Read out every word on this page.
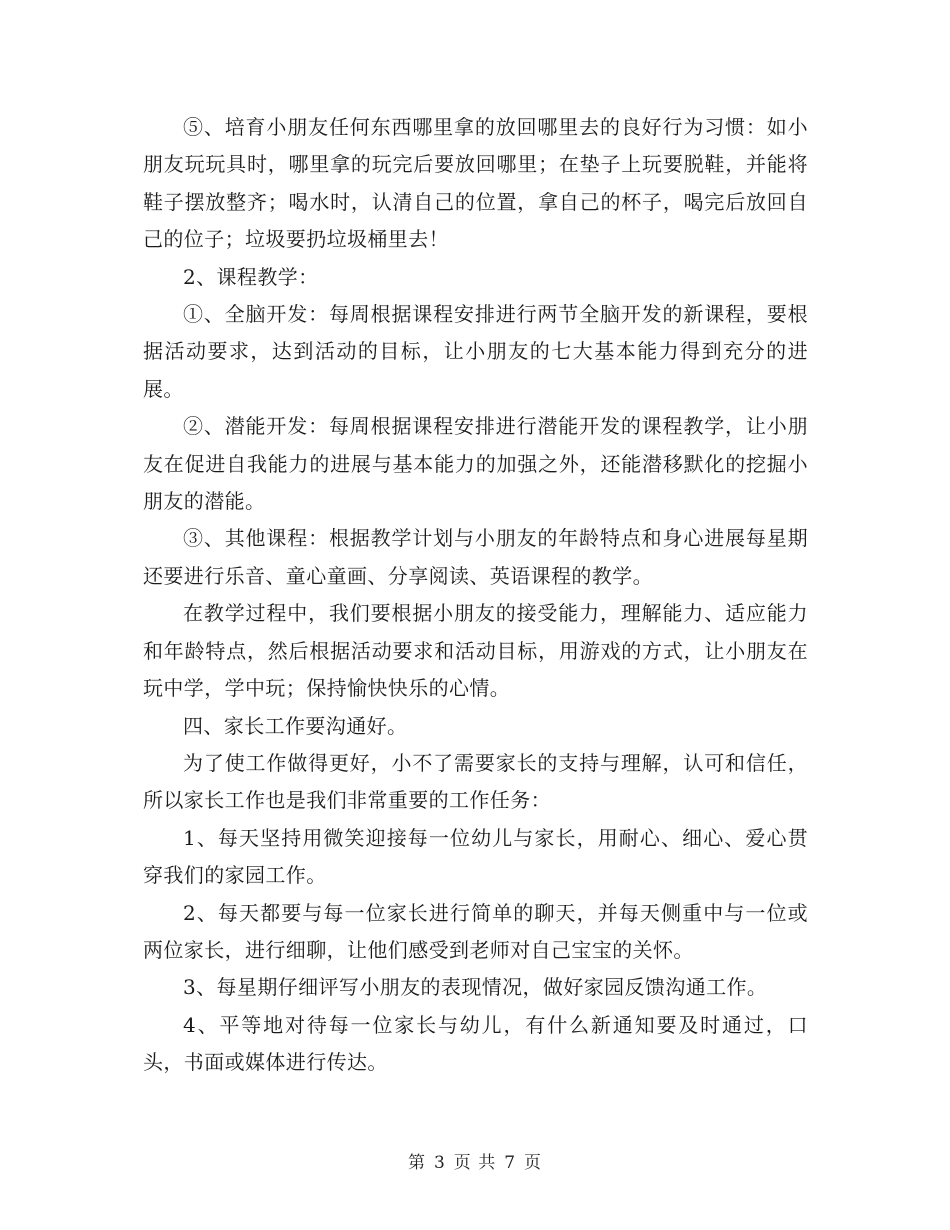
⑤、培育小朋友任何东西哪里拿的放回哪里去的良好行为习惯：如小朋友玩玩具时，哪里拿的玩完后要放回哪里；在垫子上玩要脱鞋，并能将鞋子摆放整齐；喝水时，认清自己的位置，拿自己的杯子，喝完后放回自己的位子；垃圾要扔垃圾桶里去！

2、课程教学：

①、全脑开发：每周根据课程安排进行两节全脑开发的新课程，要根据活动要求，达到活动的目标，让小朋友的七大基本能力得到充分的进展。

②、潜能开发：每周根据课程安排进行潜能开发的课程教学，让小朋友在促进自我能力的进展与基本能力的加强之外，还能潜移默化的挖掘小朋友的潜能。

③、其他课程：根据教学计划与小朋友的年龄特点和身心进展每星期还要进行乐音、童心童画、分享阅读、英语课程的教学。

在教学过程中，我们要根据小朋友的接受能力，理解能力、适应能力和年龄特点，然后根据活动要求和活动目标，用游戏的方式，让小朋友在玩中学，学中玩；保持愉快快乐的心情。

四、家长工作要沟通好。

为了使工作做得更好，小不了需要家长的支持与理解，认可和信任，所以家长工作也是我们非常重要的工作任务：

1、每天坚持用微笑迎接每一位幼儿与家长，用耐心、细心、爱心贯穿我们的家园工作。

2、每天都要与每一位家长进行简单的聊天，并每天侧重中与一位或两位家长，进行细聊，让他们感受到老师对自己宝宝的关怀。

3、每星期仔细评写小朋友的表现情况，做好家园反馈沟通工作。

4、平等地对待每一位家长与幼儿，有什么新通知要及时通过，口头，书面或媒体进行传达。

第 3 页 共 7 页
